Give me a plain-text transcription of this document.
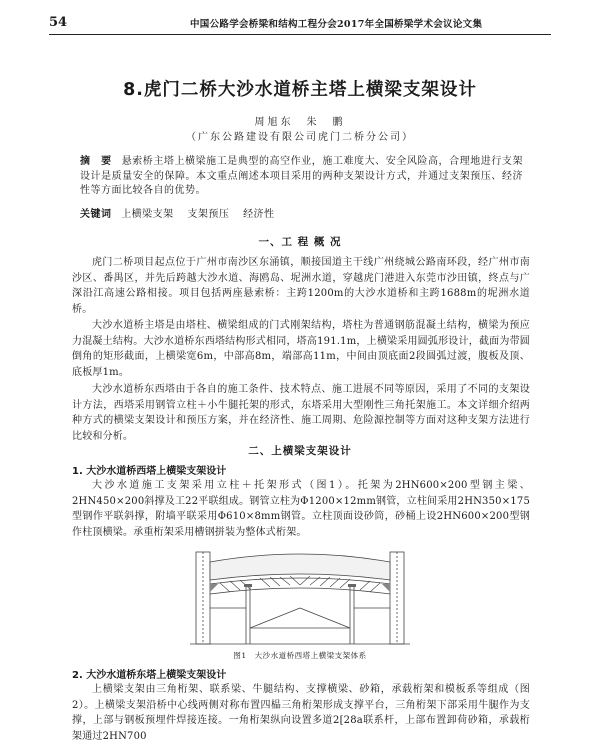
54	中国公路学会桥梁和结构工程分会2017年全国桥梁学术会议论文集
8.虎门二桥大沙水道桥主塔上横梁支架设计
周旭东　朱　鹏
（广东公路建设有限公司虎门二桥分公司）
摘　要 悬索桥主塔上横梁施工是典型的高空作业，施工难度大、安全风险高，合理地进行支架设计是质量安全的保障。本文重点阐述本项目采用的两种支架设计方式，并通过支架预压、经济性等方面比较各自的优势。
关键词 上横梁支架 支架预压 经济性
一、工 程 概 况
虎门二桥项目起点位于广州市南沙区东涌镇，顺接国道主干线广州绕城公路南环段，经广州市南沙区、番禺区，并先后跨越大沙水道、海鸥岛、坭洲水道，穿越虎门港进入东莞市沙田镇，终点与广深沿江高速公路相接。项目包括两座悬索桥：主跨1200m的大沙水道桥和主跨1688m的坭洲水道桥。
大沙水道桥主塔是由塔柱、横梁组成的门式刚架结构，塔柱为普通钢筋混凝土结构，横梁为预应力混凝土结构。大沙水道桥东西塔结构形式相同，塔高191.1m，上横梁采用圆弧形设计，截面为带圆倒角的矩形截面，上横梁宽6m，中部高8m，端部高11m，中间由顶底面2段圆弧过渡，腹板及顶、底板厚1m。
大沙水道桥东西塔由于各自的施工条件、技术特点、施工进展不同等原因，采用了不同的支架设计方法，西塔采用钢管立柱＋小牛腿托架的形式，东塔采用大型刚性三角托架施工。本文详细介绍两种方式的横梁支架设计和预压方案，并在经济性、施工周期、危险源控制等方面对这种支架方法进行比较和分析。
二、上横梁支架设计
1. 大沙水道桥西塔上横梁支架设计
大沙水道施工支架采用立柱＋托架形式（图1）。托架为2HN600×200型钢主梁、2HN450×200斜撑及工22平联组成。钢管立柱为Φ1200×12mm钢管，立柱间采用2HN350×175型钢作平联斜撑，附墙平联采用Φ610×8mm钢管。立柱顶面设砂筒，砂桶上设2HN600×200型钢作柱顶横梁。承重桁架采用槽钢拼装为整体式桁架。
图1　大沙水道桥西塔上横梁支架体系
2. 大沙水道桥东塔上横梁支架设计
上横梁支架由三角桁架、联系梁、牛腿结构、支撑横梁、砂箱，承载桁架和模板系等组成（图2）。上横梁支架沿桥中心线两侧对称布置四榀三角桁架形成支撑平台，三角桁架下部采用牛腿作为支撑，上部与钢板预埋件焊接连接。一角桁架纵向设置多道2[28a联系杆，上部布置卸荷砂箱，承载桁架通过2HN700
